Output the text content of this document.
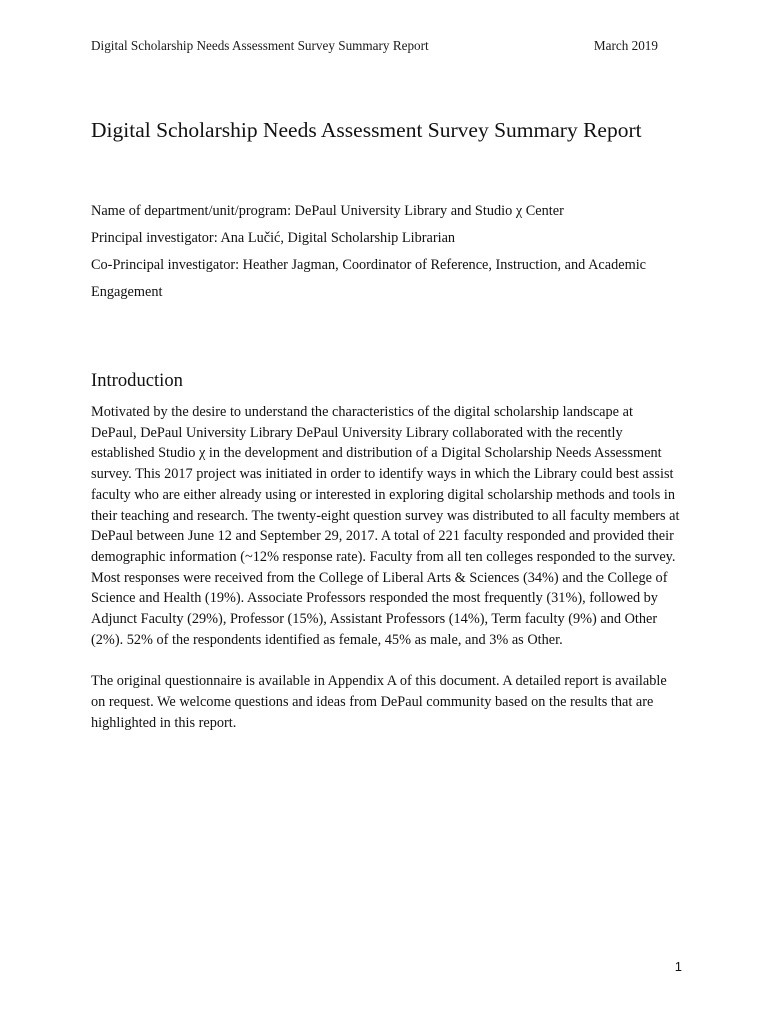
Digital Scholarship Needs Assessment Survey Summary Report	March 2019
Digital Scholarship Needs Assessment Survey Summary Report

Name of department/unit/program: DePaul University Library and Studio χ Center

Principal investigator: Ana Lučić, Digital Scholarship Librarian

Co-Principal investigator: Heather Jagman, Coordinator of Reference, Instruction, and Academic Engagement

Introduction

Motivated by the desire to understand the characteristics of the digital scholarship landscape at DePaul, DePaul University Library DePaul University Library collaborated with the recently established Studio χ in the development and distribution of a Digital Scholarship Needs Assessment survey. This 2017 project was initiated in order to identify ways in which the Library could best assist faculty who are either already using or interested in exploring digital scholarship methods and tools in their teaching and research. The twenty-eight question survey was distributed to all faculty members at DePaul between June 12 and September 29, 2017. A total of 221 faculty responded and provided their demographic information (~12% response rate). Faculty from all ten colleges responded to the survey. Most responses were received from the College of Liberal Arts & Sciences (34%) and the College of Science and Health (19%). Associate Professors responded the most frequently (31%), followed by Adjunct Faculty (29%), Professor (15%), Assistant Professors (14%), Term faculty (9%) and Other (2%). 52% of the respondents identified as female, 45% as male, and 3% as Other.

The original questionnaire is available in Appendix A of this document. A detailed report is available on request. We welcome questions and ideas from DePaul community based on the results that are highlighted in this report.

1
